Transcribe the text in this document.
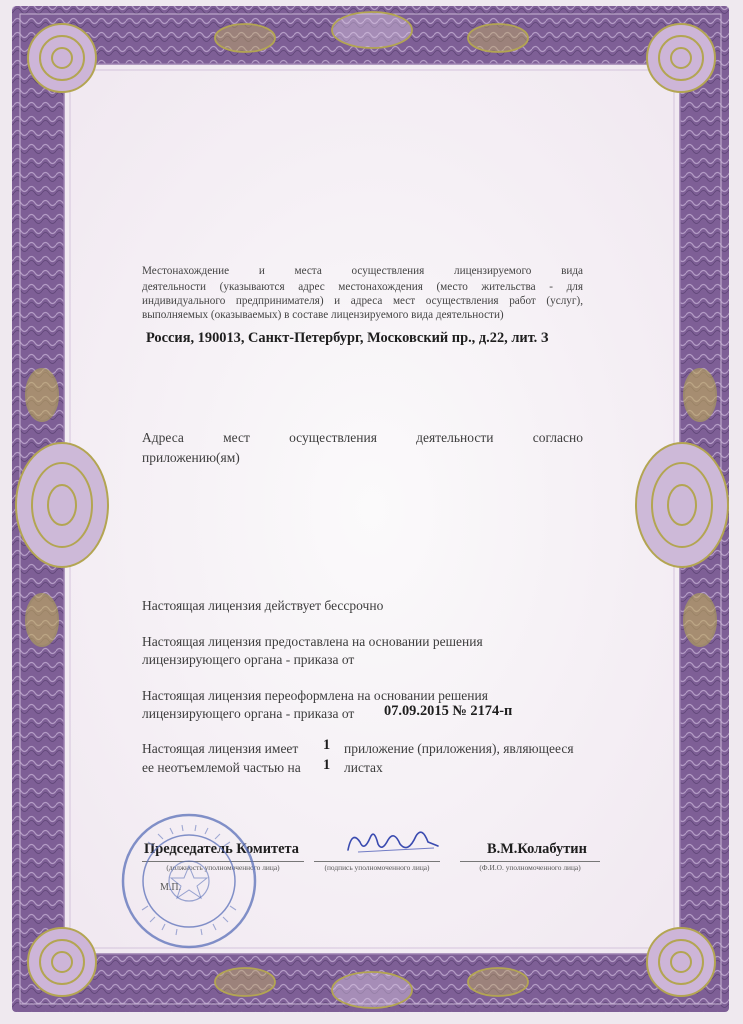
Местонахождение и места осуществления лицензируемого вида

деятельности (указываются адрес местонахождения (место жительства - для

индивидуального предпринимателя) и адреса мест осуществления работ (услуг),

выполняемых (оказываемых) в составе лицензируемого вида деятельности)

Россия, 190013, Санкт-Петербург, Московский пр., д.22, лит. З

Адреса мест осуществления деятельности согласно

приложению(ям)

Настоящая лицензия действует бессрочно

Настоящая лицензия предоставлена на основании решения

лицензирующего органа - приказа от

Настоящая лицензия переоформлена на основании решения

лицензирующего органа - приказа от 07.09.2015 № 2174-п

Настоящая лицензия имеет 1 приложение (приложения), являющееся

ее неотъемлемой частью на 1 листах

Председатель Комитета

(должность уполномоченного лица)	(подпись уполномоченного лица)

В.М.Колабутин

(Ф.И.О. уполномоченного лица)

М.П.
